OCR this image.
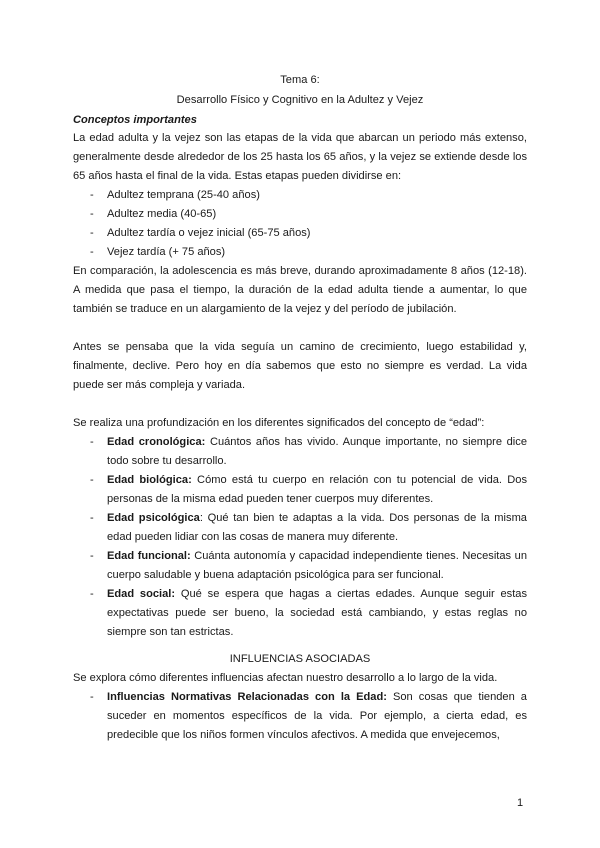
Tema 6:
Desarrollo Físico y Cognitivo en la Adultez y Vejez
Conceptos importantes

La edad adulta y la vejez son las etapas de la vida que abarcan un periodo más extenso, generalmente desde alrededor de los 25 hasta los 65 años, y la vejez se extiende desde los 65 años hasta el final de la vida. Estas etapas pueden dividirse en:

- Adultez temprana (25-40 años)
- Adultez media (40-65)
- Adultez tardía o vejez inicial (65-75 años)
- Vejez tardía (+ 75 años)

En comparación, la adolescencia es más breve, durando aproximadamente 8 años (12-18). A medida que pasa el tiempo, la duración de la edad adulta tiende a aumentar, lo que también se traduce en un alargamiento de la vejez y del período de jubilación.

Antes se pensaba que la vida seguía un camino de crecimiento, luego estabilidad y, finalmente, declive. Pero hoy en día sabemos que esto no siempre es verdad. La vida puede ser más compleja y variada.

Se realiza una profundización en los diferentes significados del concepto de “edad”:

- Edad cronológica: Cuántos años has vivido. Aunque importante, no siempre dice todo sobre tu desarrollo.
- Edad biológica: Cómo está tu cuerpo en relación con tu potencial de vida. Dos personas de la misma edad pueden tener cuerpos muy diferentes.
- Edad psicológica: Qué tan bien te adaptas a la vida. Dos personas de la misma edad pueden lidiar con las cosas de manera muy diferente.
- Edad funcional: Cuánta autonomía y capacidad independiente tienes. Necesitas un cuerpo saludable y buena adaptación psicológica para ser funcional.
- Edad social: Qué se espera que hagas a ciertas edades. Aunque seguir estas expectativas puede ser bueno, la sociedad está cambiando, y estas reglas no siempre son tan estrictas.
INFLUENCIAS ASOCIADAS

Se explora cómo diferentes influencias afectan nuestro desarrollo a lo largo de la vida.

- Influencias Normativas Relacionadas con la Edad: Son cosas que tienden a suceder en momentos específicos de la vida. Por ejemplo, a cierta edad, es predecible que los niños formen vínculos afectivos. A medida que envejecemos,
1
